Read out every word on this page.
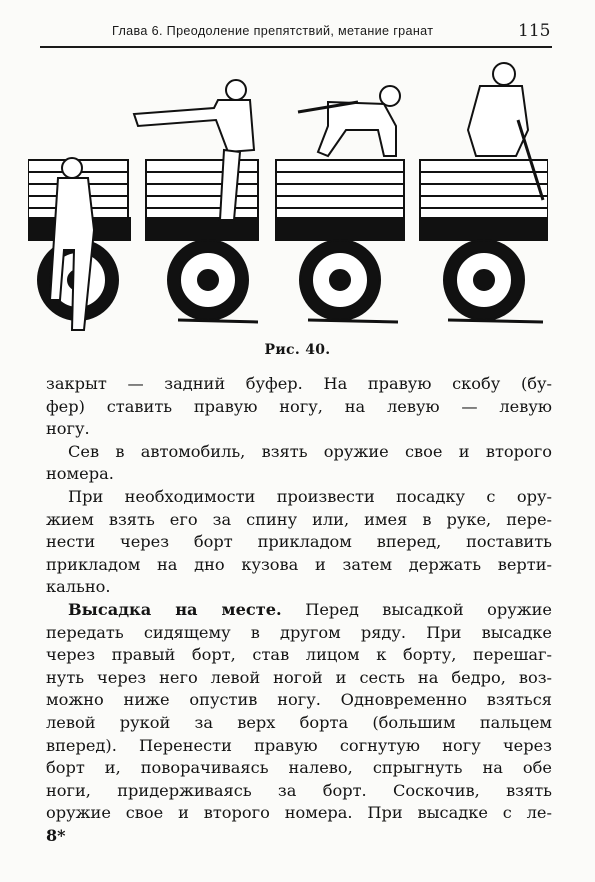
Глава 6. Преодоление препятствий, метание гранат	115
Рис. 40.
закрыт — задний буфер. На правую скобу (бу-
фер) ставить правую ногу, на левую — левую
ногу.
Сев в автомобиль, взять оружие свое и второго
номера.
При необходимости произвести посадку с ору-
жием взять его за спину или, имея в руке, пере-
нести через борт прикладом вперед, поставить
прикладом на дно кузова и затем держать верти-
кально.
Высадка на месте. Перед высадкой оружие
передать сидящему в другом ряду. При высадке
через правый борт, став лицом к борту, перешаг-
нуть через него левой ногой и сесть на бедро, воз-
можно ниже опустив ногу. Одновременно взяться
левой рукой за верх борта (большим пальцем
вперед). Перенести правую согнутую ногу через
борт и, поворачиваясь налево, спрыгнуть на обе
ноги, придерживаясь за борт. Соскочив, взять
оружие свое и второго номера. При высадке с ле-
8*
